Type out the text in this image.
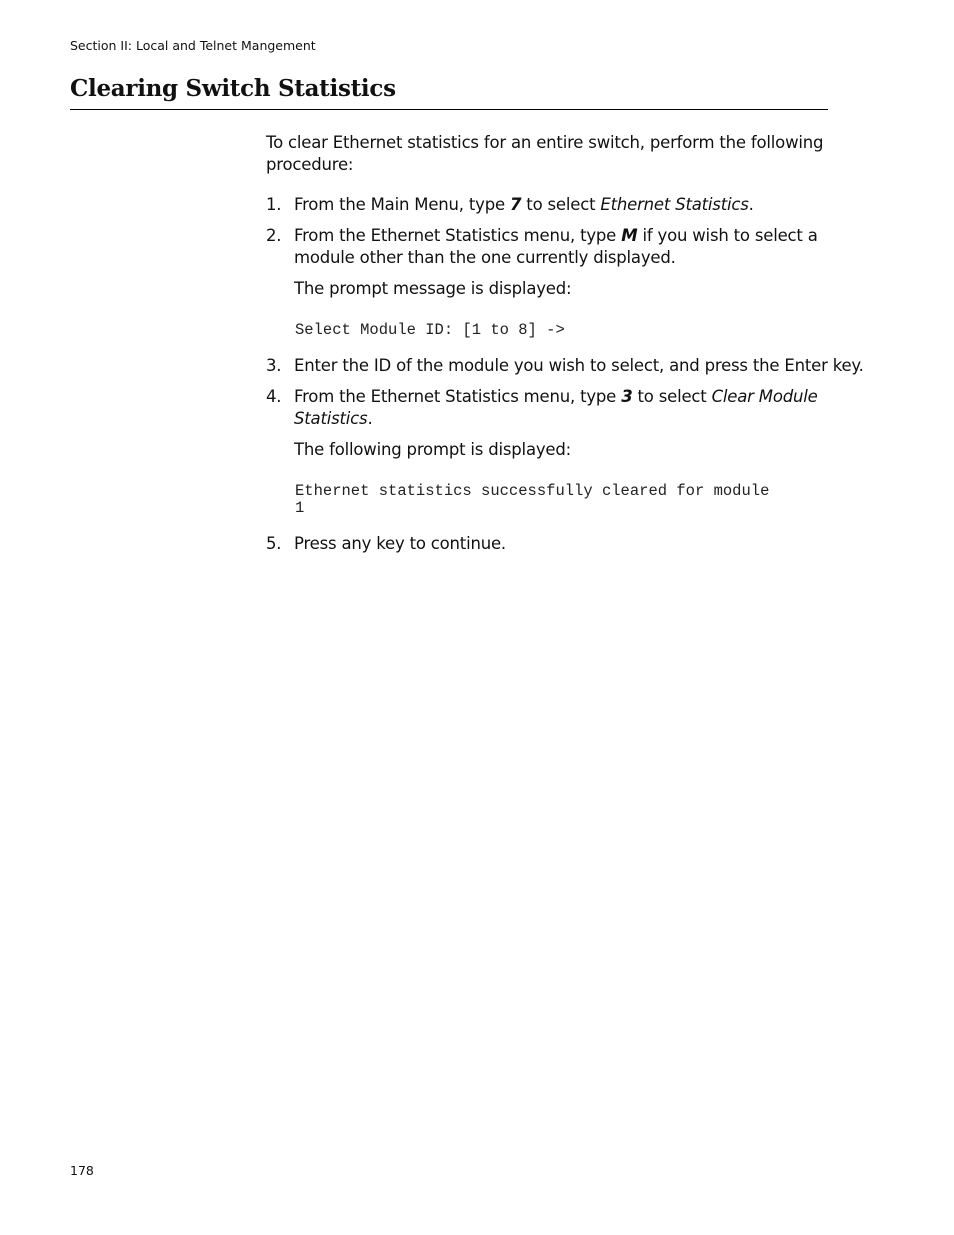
Section II: Local and Telnet Mangement
Clearing Switch Statistics
To clear Ethernet statistics for an entire switch, perform the following
procedure:
1. From the Main Menu, type 7 to select Ethernet Statistics.
2. From the Ethernet Statistics menu, type M if you wish to select a
module other than the one currently displayed.
The prompt message is displayed:
Select Module ID: [1 to 8] ->
3. Enter the ID of the module you wish to select, and press the Enter key.
4. From the Ethernet Statistics menu, type 3 to select Clear Module
Statistics.
The following prompt is displayed:
Ethernet statistics successfully cleared for module
1
5. Press any key to continue.
178
